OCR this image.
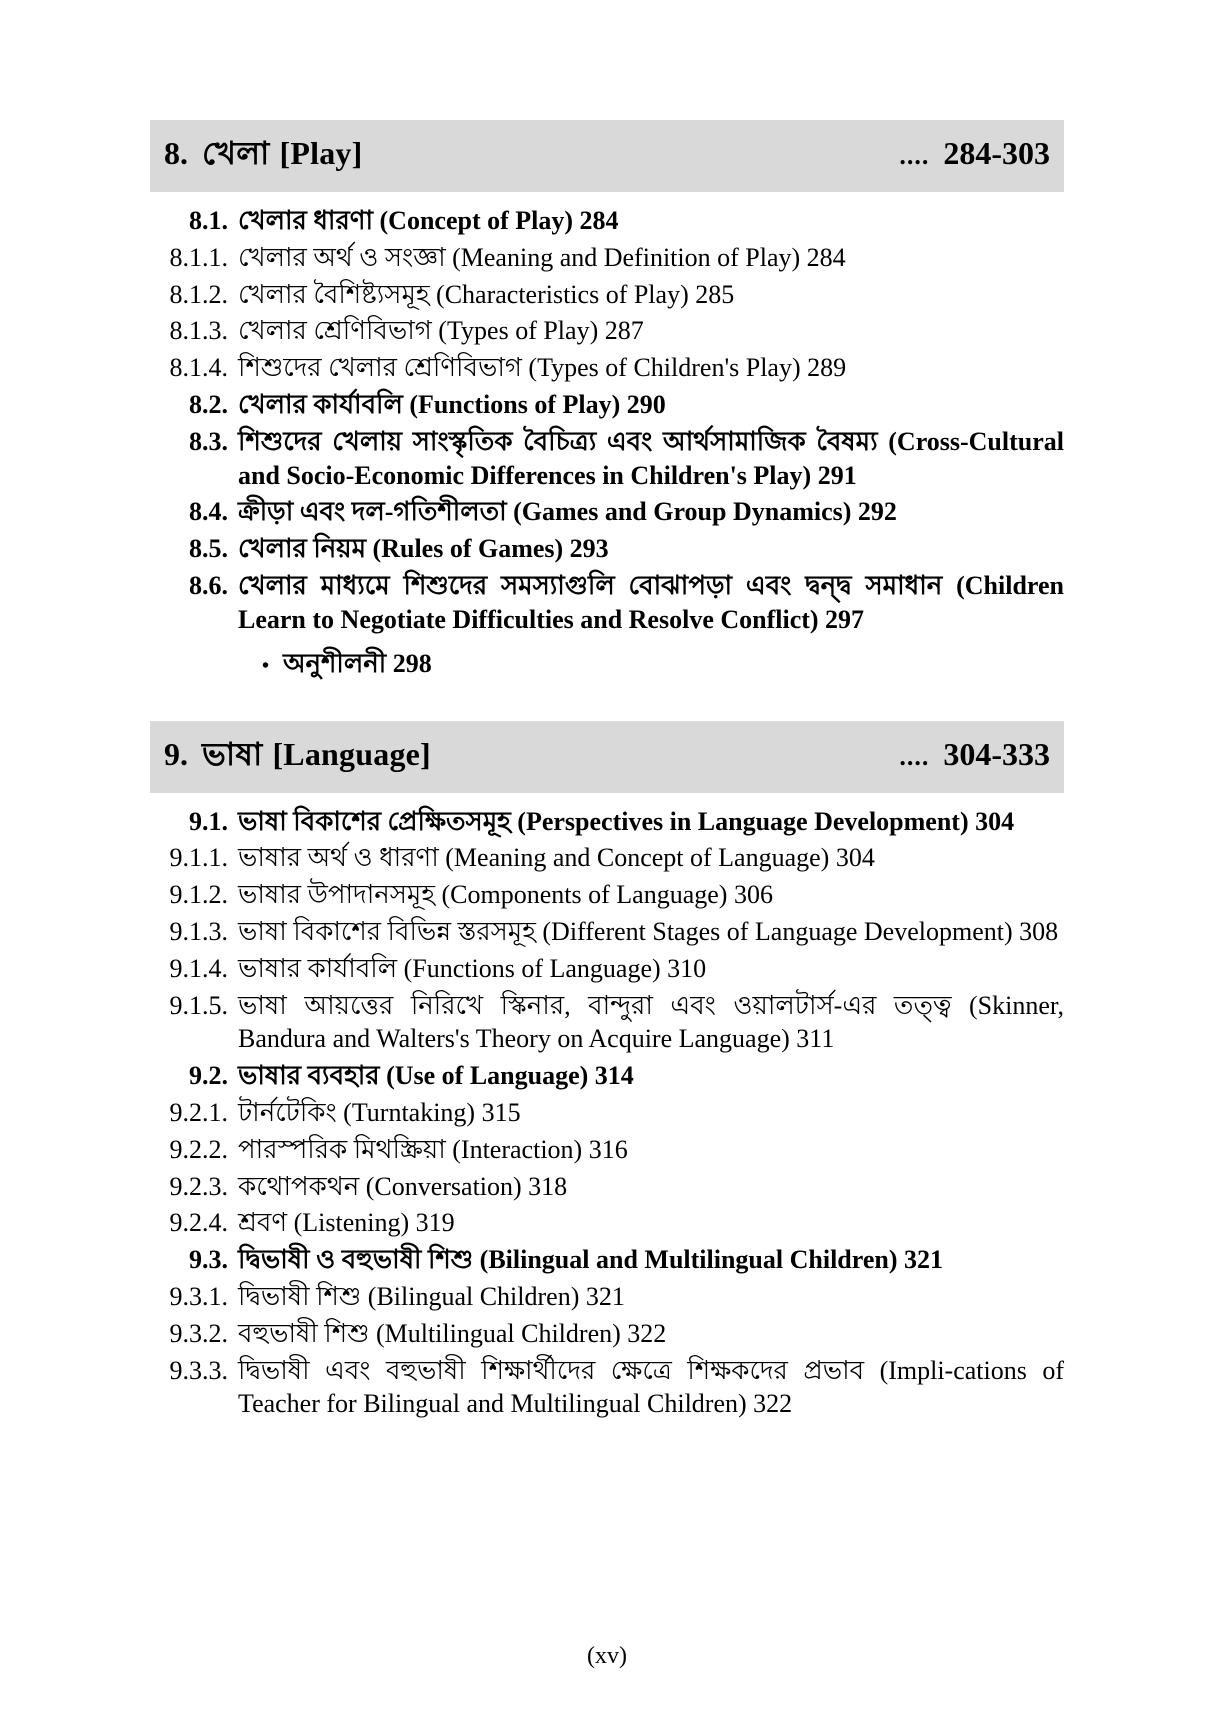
8. খেলা [Play]	.... 284-303
8.1. খেলার ধারণা (Concept of Play) 284
8.1.1. খেলার অর্থ ও সংজ্ঞা (Meaning and Definition of Play) 284
8.1.2. খেলার বৈশিষ্ট্যসমূহ (Characteristics of Play) 285
8.1.3. খেলার শ্রেণিবিভাগ (Types of Play) 287
8.1.4. শিশুদের খেলার শ্রেণিবিভাগ (Types of Children's Play) 289
8.2. খেলার কার্যাবলি (Functions of Play) 290
8.3. শিশুদের খেলায় সাংস্কৃতিক বৈচিত্র্য এবং আর্থসামাজিক বৈষম্য (Cross-Cultural and Socio-Economic Differences in Children's Play) 291
8.4. ক্রীড়া এবং দল-গতিশীলতা (Games and Group Dynamics) 292
8.5. খেলার নিয়ম (Rules of Games) 293
8.6. খেলার মাধ্যমে শিশুদের সমস্যাগুলি বোঝাপড়া এবং দ্বন্দ্ব সমাধান (Children Learn to Negotiate Difficulties and Resolve Conflict) 297
• অনুশীলনী 298
9. ভাষা [Language]	.... 304-333
9.1. ভাষা বিকাশের প্রেক্ষিতসমূহ (Perspectives in Language Development) 304
9.1.1. ভাষার অর্থ ও ধারণা (Meaning and Concept of Language) 304
9.1.2. ভাষার উপাদানসমূহ (Components of Language) 306
9.1.3. ভাষা বিকাশের বিভিন্ন স্তরসমূহ (Different Stages of Language Development) 308
9.1.4. ভাষার কার্যাবলি (Functions of Language) 310
9.1.5. ভাষা আয়ত্তের নিরিখে স্কিনার, বান্দুরা এবং ওয়ালটার্স-এর তত্ত্ব (Skinner, Bandura and Walters's Theory on Acquire Language) 311
9.2. ভাষার ব্যবহার (Use of Language) 314
9.2.1. টার্নটেকিং (Turntaking) 315
9.2.2. পারস্পরিক মিথস্ক্রিয়া (Interaction) 316
9.2.3. কথোপকথন (Conversation) 318
9.2.4. শ্রবণ (Listening) 319
9.3. দ্বিভাষী ও বহুভাষী শিশু (Bilingual and Multilingual Children) 321
9.3.1. দ্বিভাষী শিশু (Bilingual Children) 321
9.3.2. বহুভাষী শিশু (Multilingual Children) 322
9.3.3. দ্বিভাষী এবং বহুভাষী শিক্ষার্থীদের ক্ষেত্রে শিক্ষকদের প্রভাব (Impli-cations of Teacher for Bilingual and Multilingual Children) 322
(xv)
